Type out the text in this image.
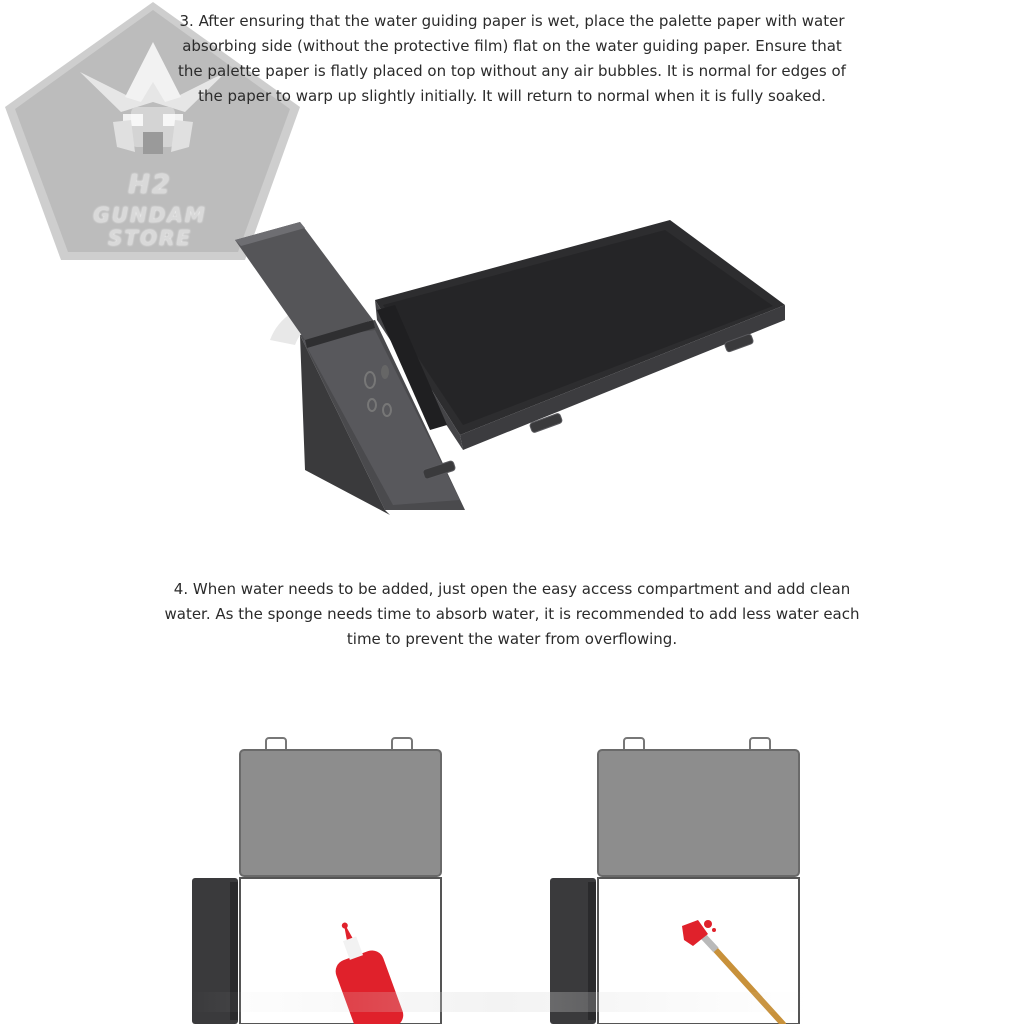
H2
GUNDAM
STORE

3. After ensuring that the water guiding paper is wet, place the palette paper with water
absorbing side (without the protective film) flat on the water guiding paper. Ensure that
the palette paper is flatly placed on top without any air bubbles. It is normal for edges of
the paper to warp up slightly initially. It will return to normal when it is fully soaked.

4. When water needs to be added, just open the easy access compartment and add clean
water. As the sponge needs time to absorb water, it is recommended to add less water each
time to prevent the water from overflowing.
